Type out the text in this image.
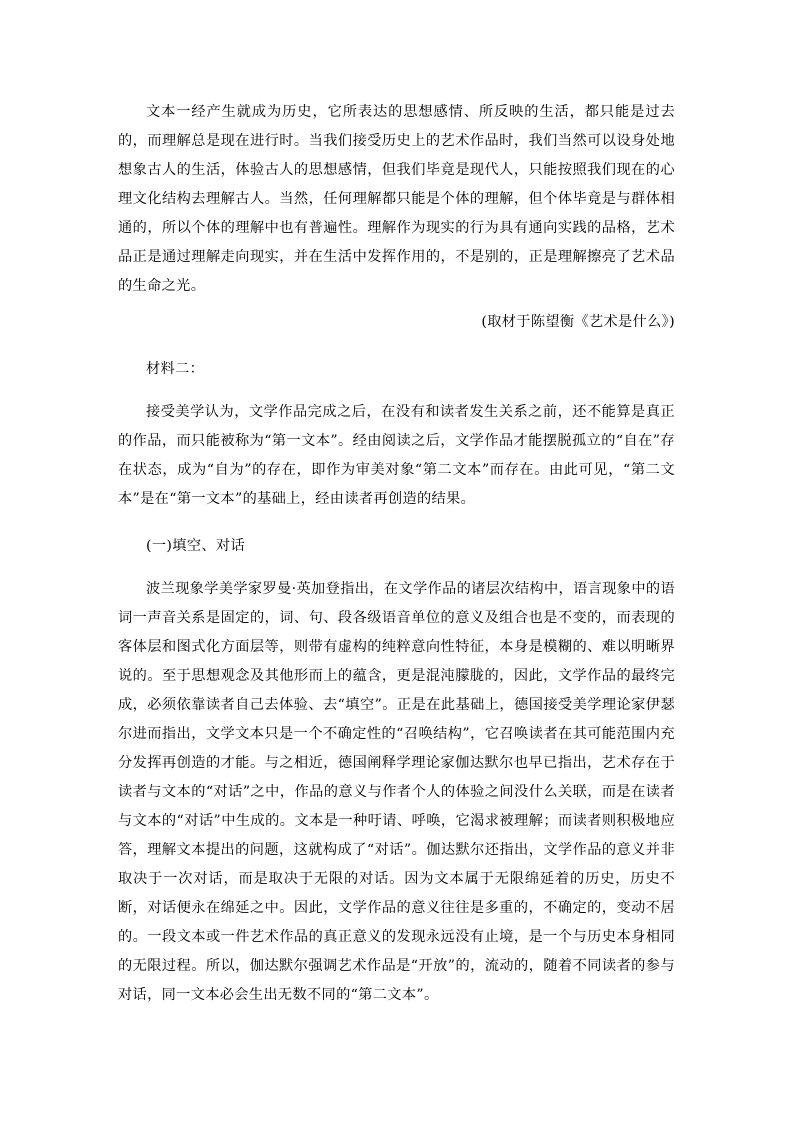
文本一经产生就成为历史，它所表达的思想感情、所反映的生活，都只能是过去的，而理解总是现在进行时。当我们接受历史上的艺术作品时，我们当然可以设身处地想象古人的生活，体验古人的思想感情，但我们毕竟是现代人，只能按照我们现在的心理文化结构去理解古人。当然，任何理解都只能是个体的理解，但个体毕竟是与群体相通的，所以个体的理解中也有普遍性。理解作为现实的行为具有通向实践的品格，艺术品正是通过理解走向现实，并在生活中发挥作用的，不是别的，正是理解擦亮了艺术品的生命之光。

(取材于陈望衡《艺术是什么》)

材料二：

接受美学认为，文学作品完成之后，在没有和读者发生关系之前，还不能算是真正的作品，而只能被称为“第一文本”。经由阅读之后，文学作品才能摆脱孤立的“自在”存在状态，成为“自为”的存在，即作为审美对象“第二文本”而存在。由此可见，“第二文本”是在“第一文本”的基础上，经由读者再创造的结果。

(一)填空、对话

波兰现象学美学家罗曼·英加登指出，在文学作品的诸层次结构中，语言现象中的语词一声音关系是固定的，词、句、段各级语音单位的意义及组合也是不变的，而表现的客体层和图式化方面层等，则带有虚构的纯粹意向性特征，本身是模糊的、难以明晰界说的。至于思想观念及其他形而上的蕴含，更是混沌朦胧的，因此，文学作品的最终完成，必须依靠读者自己去体验、去“填空”。正是在此基础上，德国接受美学理论家伊瑟尔进而指出，文学文本只是一个不确定性的“召唤结构”，它召唤读者在其可能范围内充分发挥再创造的才能。与之相近，德国阐释学理论家伽达默尔也早已指出，艺术存在于读者与文本的“对话”之中，作品的意义与作者个人的体验之间没什么关联，而是在读者与文本的“对话”中生成的。文本是一种吁请、呼唤，它渴求被理解；而读者则积极地应答，理解文本提出的问题，这就构成了“对话”。伽达默尔还指出，文学作品的意义并非取决于一次对话，而是取决于无限的对话。因为文本属于无限绵延着的历史，历史不断，对话便永在绵延之中。因此，文学作品的意义往往是多重的，不确定的，变动不居的。一段文本或一件艺术作品的真正意义的发现永远没有止境，是一个与历史本身相同的无限过程。所以，伽达默尔强调艺术作品是“开放”的，流动的，随着不同读者的参与对话，同一文本必会生出无数不同的“第二文本”。
